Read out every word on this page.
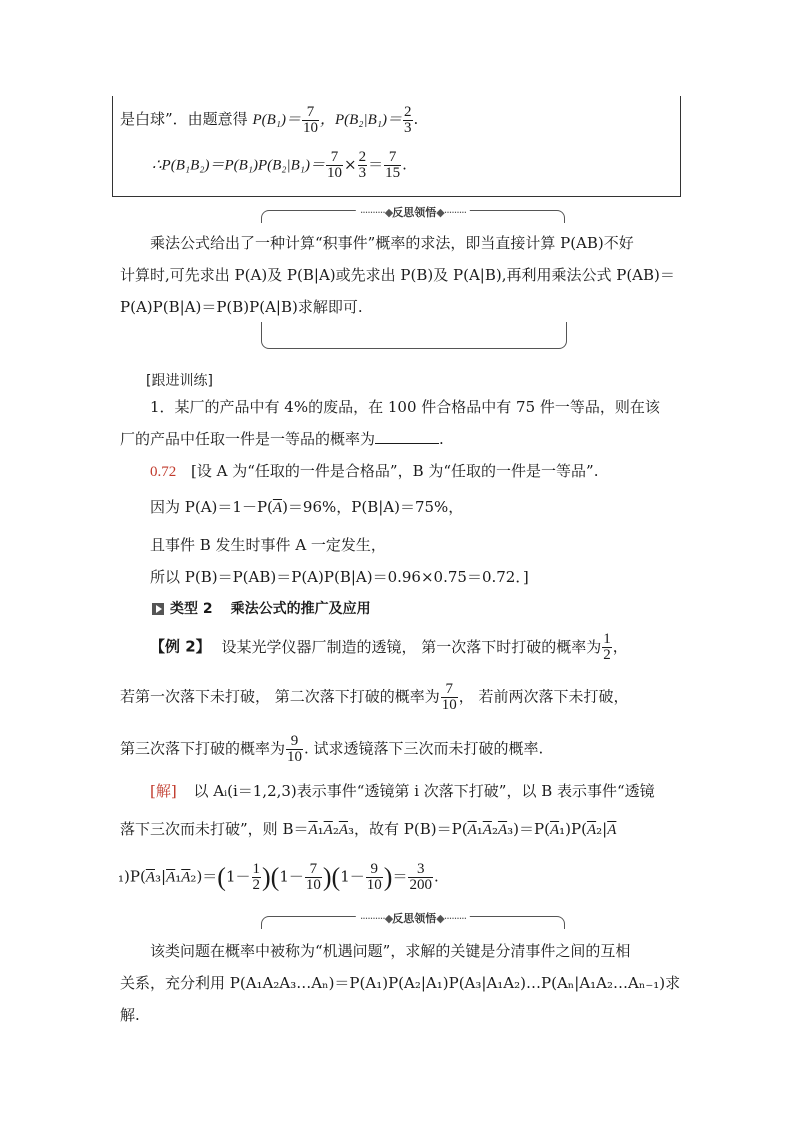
是白球”．由题意得 $P(B_1)= \frac{7}{10}$ ，$P(B_2|B_1)= \frac{2}{3}$ .
∴P(B₁B₂)＝P(B₁)P(B₂|B₁)＝ $\frac{7}{10} \times \frac{2}{3} = \frac{7}{15}$ .
··········◆反思领悟◆·········
乘法公式给出了一种计算“积事件”概率的求法，即当直接计算 P(AB)不好
计算时,可先求出 P(A)及 P(B|A)或先求出 P(B)及 P(A|B),再利用乘法公式 P(AB)＝
P(A)P(B|A)＝P(B)P(A|B)求解即可.
[跟进训练]
1．某厂的产品中有 4%的废品，在 100 件合格品中有 75 件一等品，则在该
厂的产品中任取一件是一等品的概率为	.
0.72 [设 A 为“任取的一件是合格品”，B 为“任取的一件是一等品”.
因为 $P(A)=1-P(\overline{A})=96\%$，P(B|A)＝75%，
且事件 B 发生时事件 A 一定发生，
所以 P(B)＝P(AB)＝P(A)P(B|A)＝0.96×0.75＝0.72．]
类型 2 乘法公式的推广及应用
【例 2】 设某光学仪器厂制造的透镜， 第一次落下时打破的概率为 $\frac{1}{2}$ ，
若第一次落下未打破， 第二次落下打破的概率为 $\frac{7}{10}$ ， 若前两次落下未打破，
第三次落下打破的概率为 $\frac{9}{10}$ . 试求透镜落下三次而未打破的概率.
[解] 以 Aᵢ(i＝1,2,3)表示事件“透镜第 i 次落下打破”，以 B 表示事件“透镜
落下三次而未打破”，则 $B=\overline{A}_1\overline{A}_2\overline{A}_3$，故有 $P(B)=P(\overline{A}_1\overline{A}_2\overline{A}_3)=P(\overline{A}_1)P(\overline{A}_2|\overline{A}$
$_1)P(\overline{A}_3|\overline{A}_1\overline{A}_2)=(1- \frac{1}{2} )(1- \frac{7}{10} )(1- \frac{9}{10}$ )＝ $\frac{3}{200}$ .
··········◆反思领悟◆·········
该类问题在概率中被称为“机遇问题”，求解的关键是分清事件之间的互相
关系，充分利用 P(A₁A₂A₃…Aₙ)＝P(A₁)P(A₂|A₁)P(A₃|A₁A₂)…P(Aₙ|A₁A₂…Aₙ₋₁)求
解.
